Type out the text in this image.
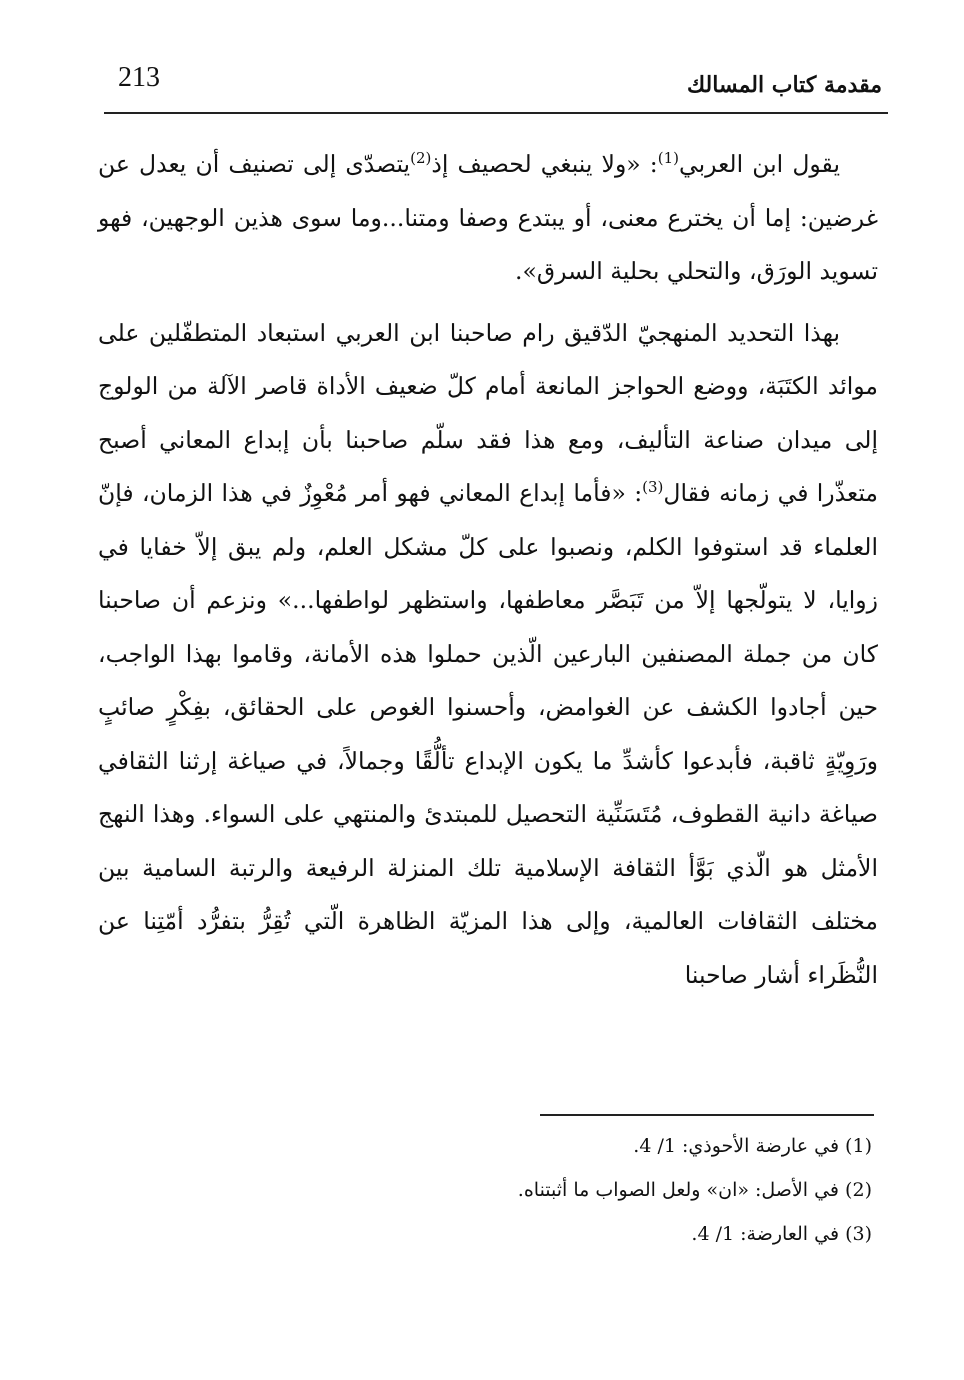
213	مقدمة كتاب المسالك

يقول ابن العربي$^{(1)}$: «ولا ينبغي لحصيف إذ$^{(2)}$يتصدّى إلى تصنيف أن يعدل عن غرضين: إما أن يخترع معنى، أو يبتدع وصفا ومتنا...وما سوى هذين الوجهين، فهو تسويد الورَق، والتحلي بحلية السرق».

بهذا التحديد المنهجيّ الدّقيق رام صاحبنا ابن العربي استبعاد المتطفّلين على موائد الكتَبَة، ووضع الحواجز المانعة أمام كلّ ضعيف الأداة قاصر الآلة من الولوج إلى ميدان صناعة التأليف، ومع هذا فقد سلّم صاحبنا بأن إبداع المعاني أصبح متعذّرا في زمانه فقال$^{(3)}$: «فأما إبداع المعاني فهو أمر مُعْوِزٌ في هذا الزمان، فإنّ العلماء قد استوفوا الكلم، ونصبوا على كلّ مشكل العلم، ولم يبق إلاّ خفايا في زوايا، لا يتولّجها إلاّ من تَبَصَّر معاطفها، واستظهر لواطفها...» ونزعم أن صاحبنا كان من جملة المصنفين البارعين الّذين حملوا هذه الأمانة، وقاموا بهذا الواجب، حين أجادوا الكشف عن الغوامض، وأحسنوا الغوص على الحقائق، بفِكْرٍ صائبٍ ورَوِيّةٍ ثاقبة، فأبدعوا كأشدِّ ما يكون الإبداع تألُّقًا وجمالاً، في صياغة إرثنا الثقافي صياغة دانية القطوف، مُتَسَنِّية التحصيل للمبتدئ والمنتهي على السواء. وهذا النهج الأمثل هو الّذي بَوَّأ الثقافة الإسلامية تلك المنزلة الرفيعة والرتبة السامية بين مختلف الثقافات العالمية، وإلى هذا المزيّة الظاهرة الّتي تُقِرُّ بتفرُّد أمّتِنا عن النُّظَراء أشار صاحبنا

(1) في عارضة الأحوذي: 1/ 4.

(2) في الأصل: «ان» ولعل الصواب ما أثبتناه.

(3) في العارضة: 1/ 4.
